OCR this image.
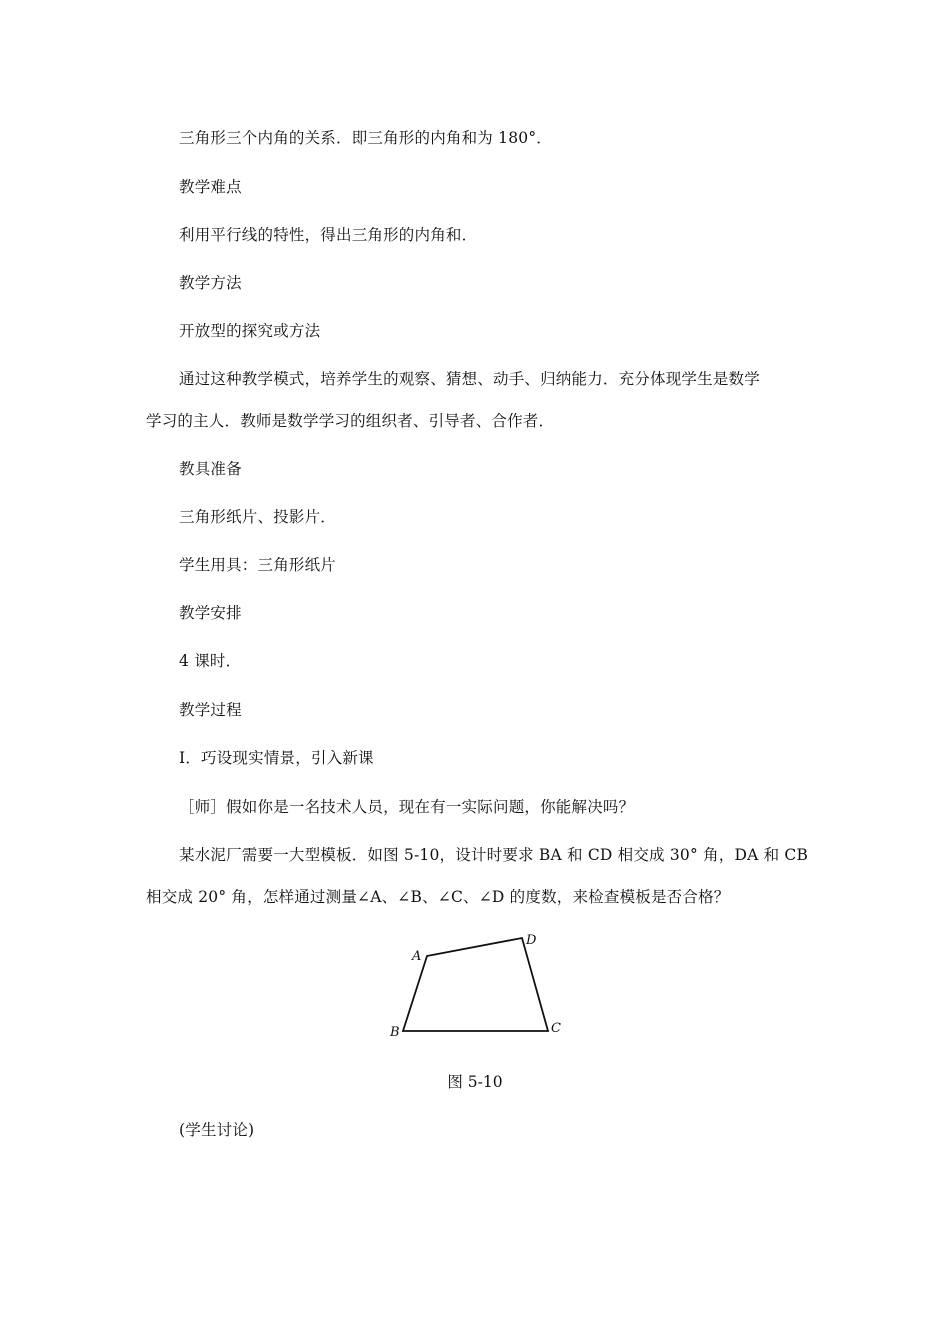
三角形三个内角的关系．即三角形的内角和为 180°．
教学难点
利用平行线的特性，得出三角形的内角和．
教学方法
开放型的探究或方法
通过这种教学模式，培养学生的观察、猜想、动手、归纳能力．充分体现学生是数学
学习的主人．教师是数学学习的组织者、引导者、合作者．
教具准备
三角形纸片、投影片．
学生用具：三角形纸片
教学安排
4 课时．
教学过程
Ⅰ．巧设现实情景，引入新课
［师］假如你是一名技术人员，现在有一实际问题，你能解决吗？
某水泥厂需要一大型模板．如图 5-10，设计时要求 BA 和 CD 相交成 30° 角，DA 和 CB
相交成 20° 角，怎样通过测量∠A、∠B、∠C、∠D 的度数，来检查模板是否合格？
A
B	C
D
图 5-10
(学生讨论)
